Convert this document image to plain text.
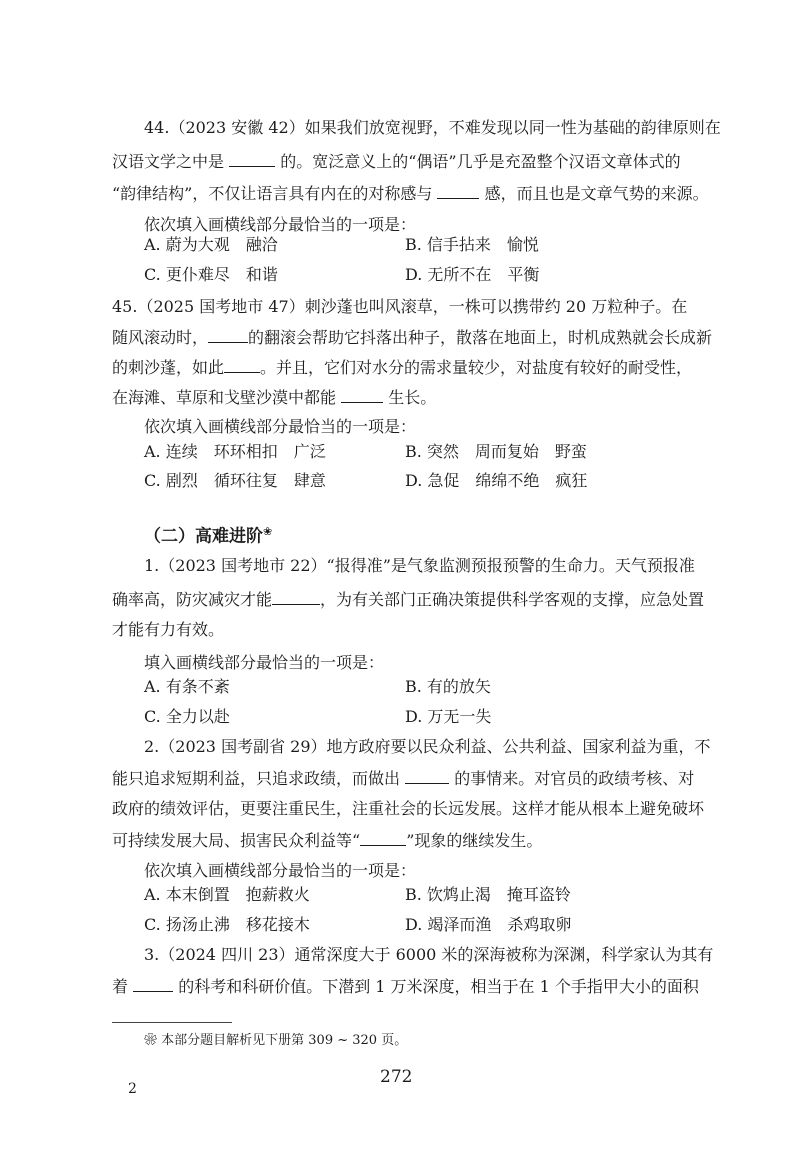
44.（2023 安徽 42）如果我们放宽视野，不难发现以同一性为基础的韵律原则在
汉语文学之中是	的。宽泛意义上的“偶语”几乎是充盈整个汉语文章体式的
“韵律结构”，不仅让语言具有内在的对称感与	感，而且也是文章气势的来源。
依次填入画横线部分最恰当的一项是：
A. 蔚为大观　融洽	B. 信手拈来　愉悦
C. 更仆难尽　和谐	D. 无所不在　平衡
45.（2025 国考地市 47）刺沙蓬也叫风滚草，一株可以携带约 20 万粒种子。在
随风滚动时，	的翻滚会帮助它抖落出种子，散落在地面上，时机成熟就会长成新
的刺沙蓬，如此 。并且，它们对水分的需求量较少，对盐度有较好的耐受性，
在海滩、草原和戈壁沙漠中都能	生长。
依次填入画横线部分最恰当的一项是：
A. 连续　环环相扣　广泛	B. 突然　周而复始　野蛮
C. 剧烈　循环往复　肆意	D. 急促　绵绵不绝　疯狂
（二）高难进阶❀
1.（2023 国考地市 22）“报得准”是气象监测预报预警的生命力。天气预报准
确率高，防灾减灾才能	，为有关部门正确决策提供科学客观的支撑，应急处置
才能有力有效。
填入画横线部分最恰当的一项是：
A. 有条不紊	B. 有的放矢
C. 全力以赴	D. 万无一失
2.（2023 国考副省 29）地方政府要以民众利益、公共利益、国家利益为重，不
能只追求短期利益，只追求政绩，而做出	的事情来。对官员的政绩考核、对
政府的绩效评估，更要注重民生，注重社会的长远发展。这样才能从根本上避免破坏
可持续发展大局、损害民众利益等“	”现象的继续发生。
依次填入画横线部分最恰当的一项是：
A. 本末倒置　抱薪救火	B. 饮鸩止渴　掩耳盗铃
C. 扬汤止沸　移花接木	D. 竭泽而渔　杀鸡取卵
3.（2024 四川 23）通常深度大于 6000 米的深海被称为深渊，科学家认为其有
着	的科考和科研价值。下潜到 1 万米深度，相当于在 1 个手指甲大小的面积
❀ 本部分题目解析见下册第 309 ~ 320 页。
272
2
